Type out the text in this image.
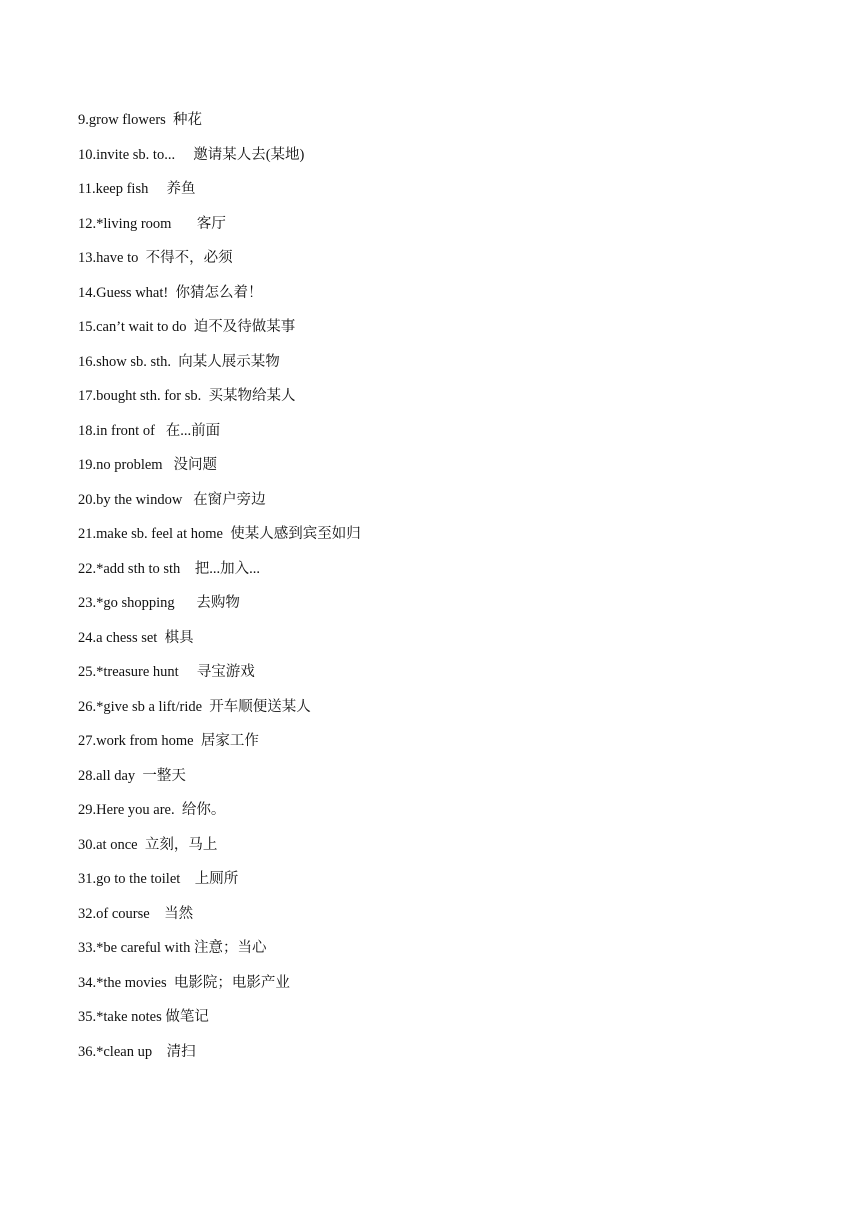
9.grow flowers  种花
10.invite sb. to...     邀请某人去(某地)
11.keep fish     养鱼
12.*living room       客厅
13.have to  不得不，必须
14.Guess what!  你猜怎么着！
15.can’t wait to do  迫不及待做某事
16.show sb. sth.  向某人展示某物
17.bought sth. for sb.  买某物给某人
18.in front of   在...前面
19.no problem   没问题
20.by the window   在窗户旁边
21.make sb. feel at home  使某人感到宾至如归
22.*add sth to sth    把...加入...
23.*go shopping      去购物
24.a chess set  棋具
25.*treasure hunt     寻宝游戏
26.*give sb a lift/ride  开车顺便送某人
27.work from home  居家工作
28.all day  一整天
29.Here you are.  给你。
30.at once  立刻，马上
31.go to the toilet    上厕所
32.of course    当然
33.*be careful with 注意；当心
34.*the movies  电影院；电影产业
35.*take notes 做笔记
36.*clean up    清扫
